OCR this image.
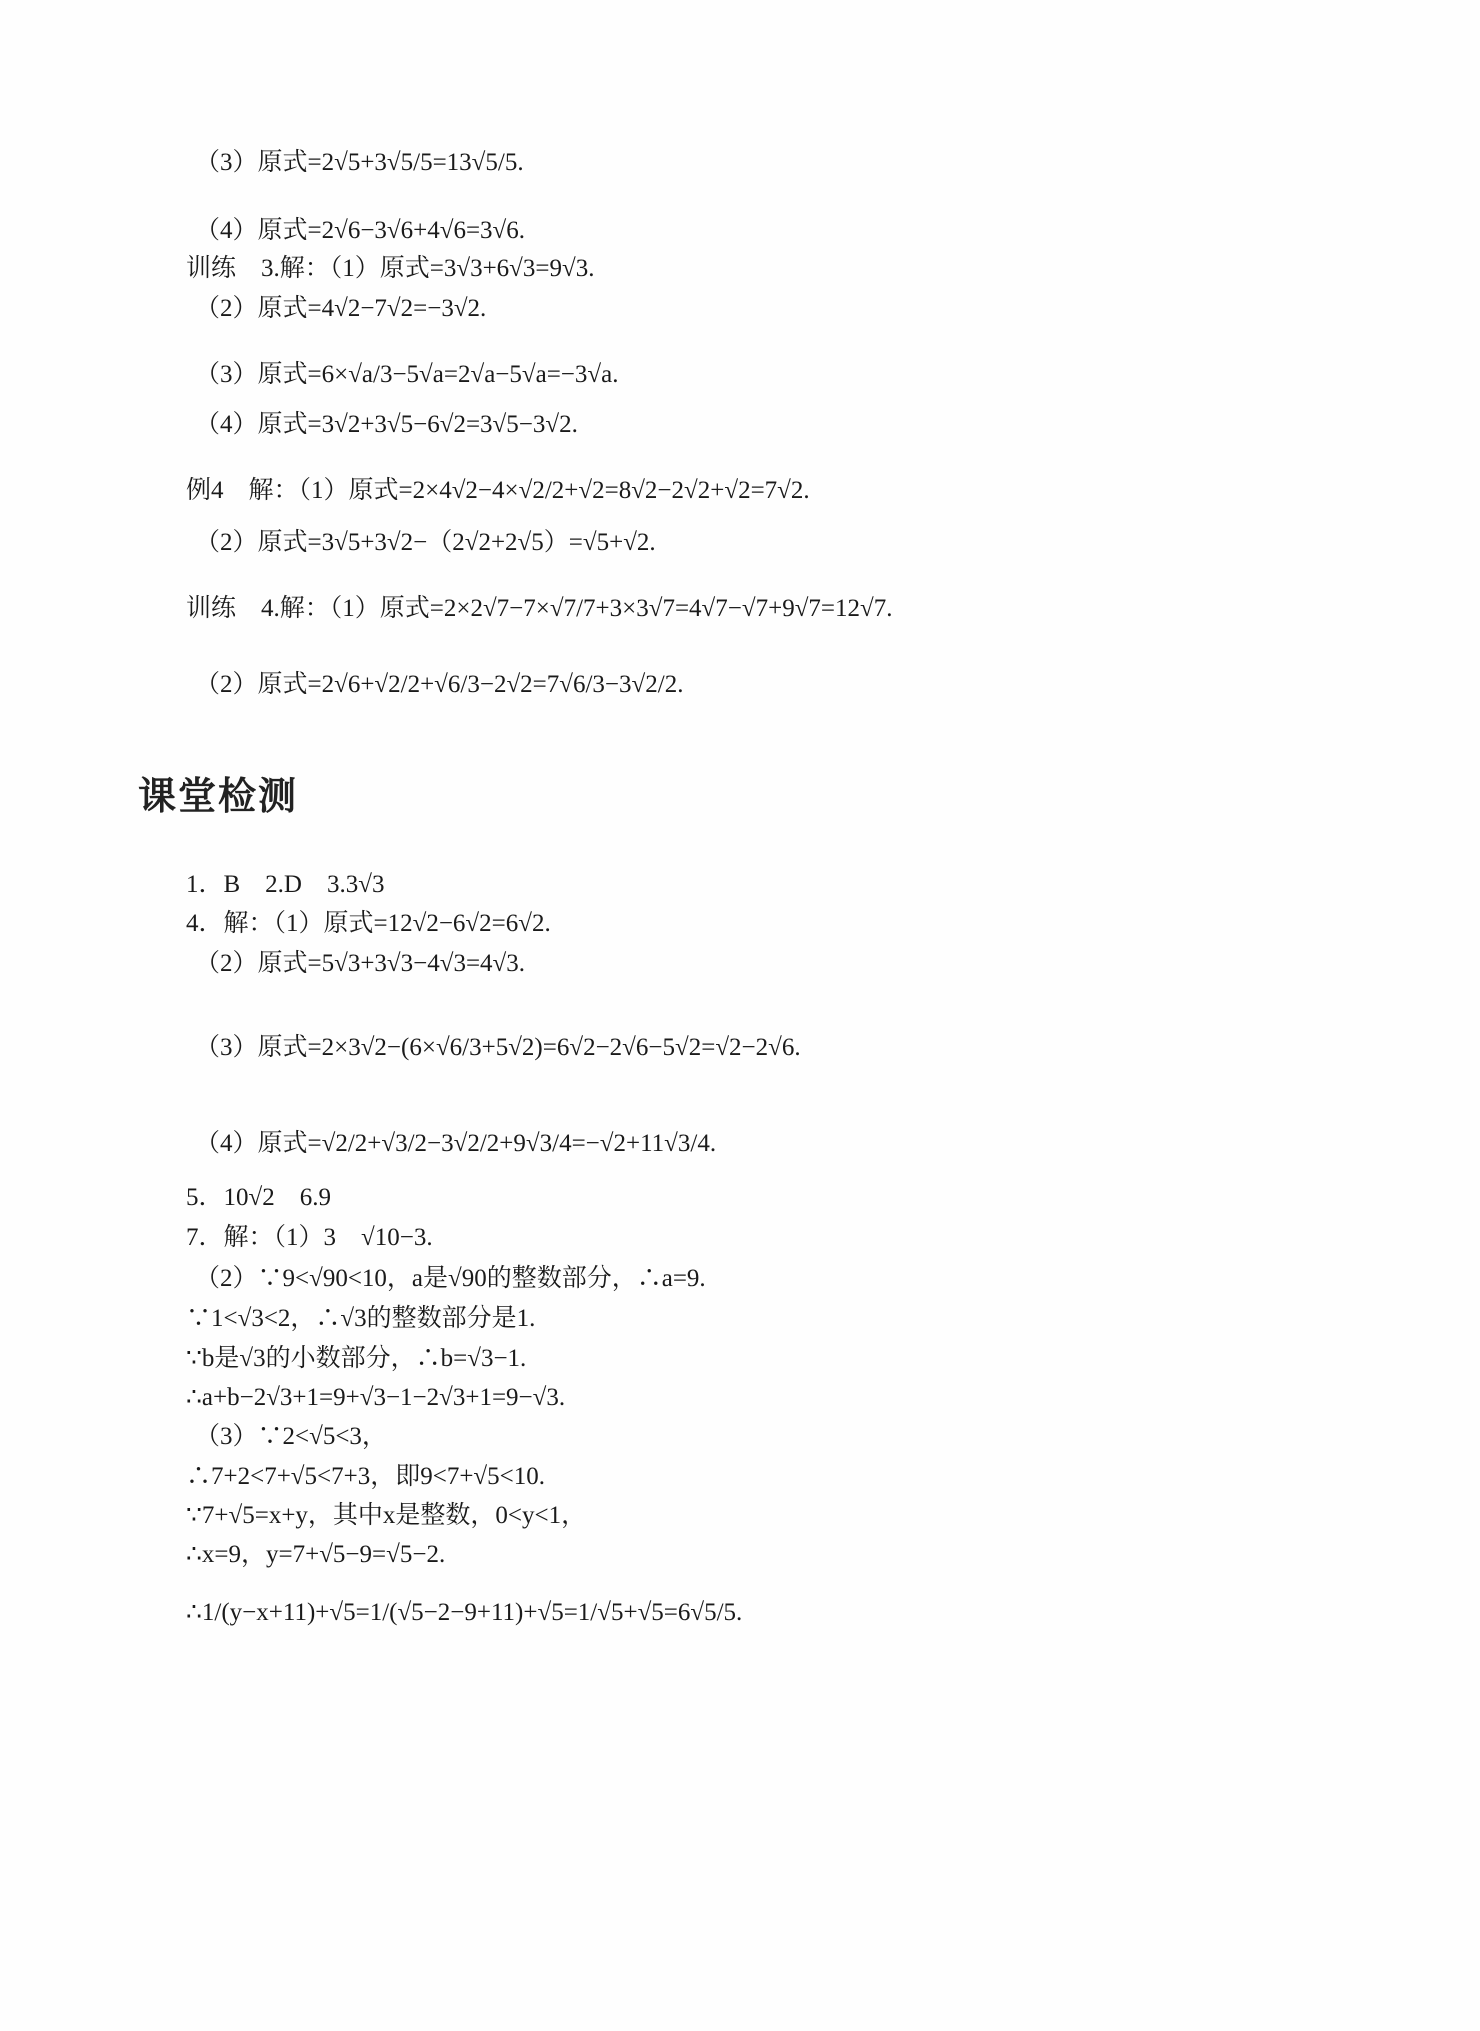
（3）原式=2√5+3√5/5=13√5/5.
（4）原式=2√6−3√6+4√6=3√6.
训练　3.解：（1）原式=3√3+6√3=9√3.
（2）原式=4√2−7√2=−3√2.
（3）原式=6×√a/3−5√a=2√a−5√a=−3√a.
（4）原式=3√2+3√5−6√2=3√5−3√2.
例4　解：（1）原式=2×4√2−4×√2/2+√2=8√2−2√2+√2=7√2.
（2）原式=3√5+3√2−（2√2+2√5）=√5+√2.
训练　4.解：（1）原式=2×2√7−7×√7/7+3×3√7=4√7−√7+9√7=12√7.
（2）原式=2√6+√2/2+√6/3−2√2=7√6/3−3√2/2.
课堂检测
1．B　2.D　3.3√3
4．解：（1）原式=12√2−6√2=6√2.
（2）原式=5√3+3√3−4√3=4√3.
（3）原式=2×3√2−(6×√6/3+5√2)=6√2−2√6−5√2=√2−2√6.
（4）原式=√2/2+√3/2−3√2/2+9√3/4=−√2+11√3/4.
5．10√2　6.9
7．解：（1）3　√10−3.
（2）∵9<√90<10，a是√90的整数部分，∴a=9.
∵1<√3<2，∴√3的整数部分是1.
∵b是√3的小数部分，∴b=√3−1.
∴a+b−2√3+1=9+√3−1−2√3+1=9−√3.
（3）∵2<√5<3，
∴7+2<7+√5<7+3，即9<7+√5<10.
∵7+√5=x+y，其中x是整数，0<y<1，
∴x=9，y=7+√5−9=√5−2.
∴1/(y−x+11)+√5=1/(√5−2−9+11)+√5=1/√5+√5=6√5/5.
